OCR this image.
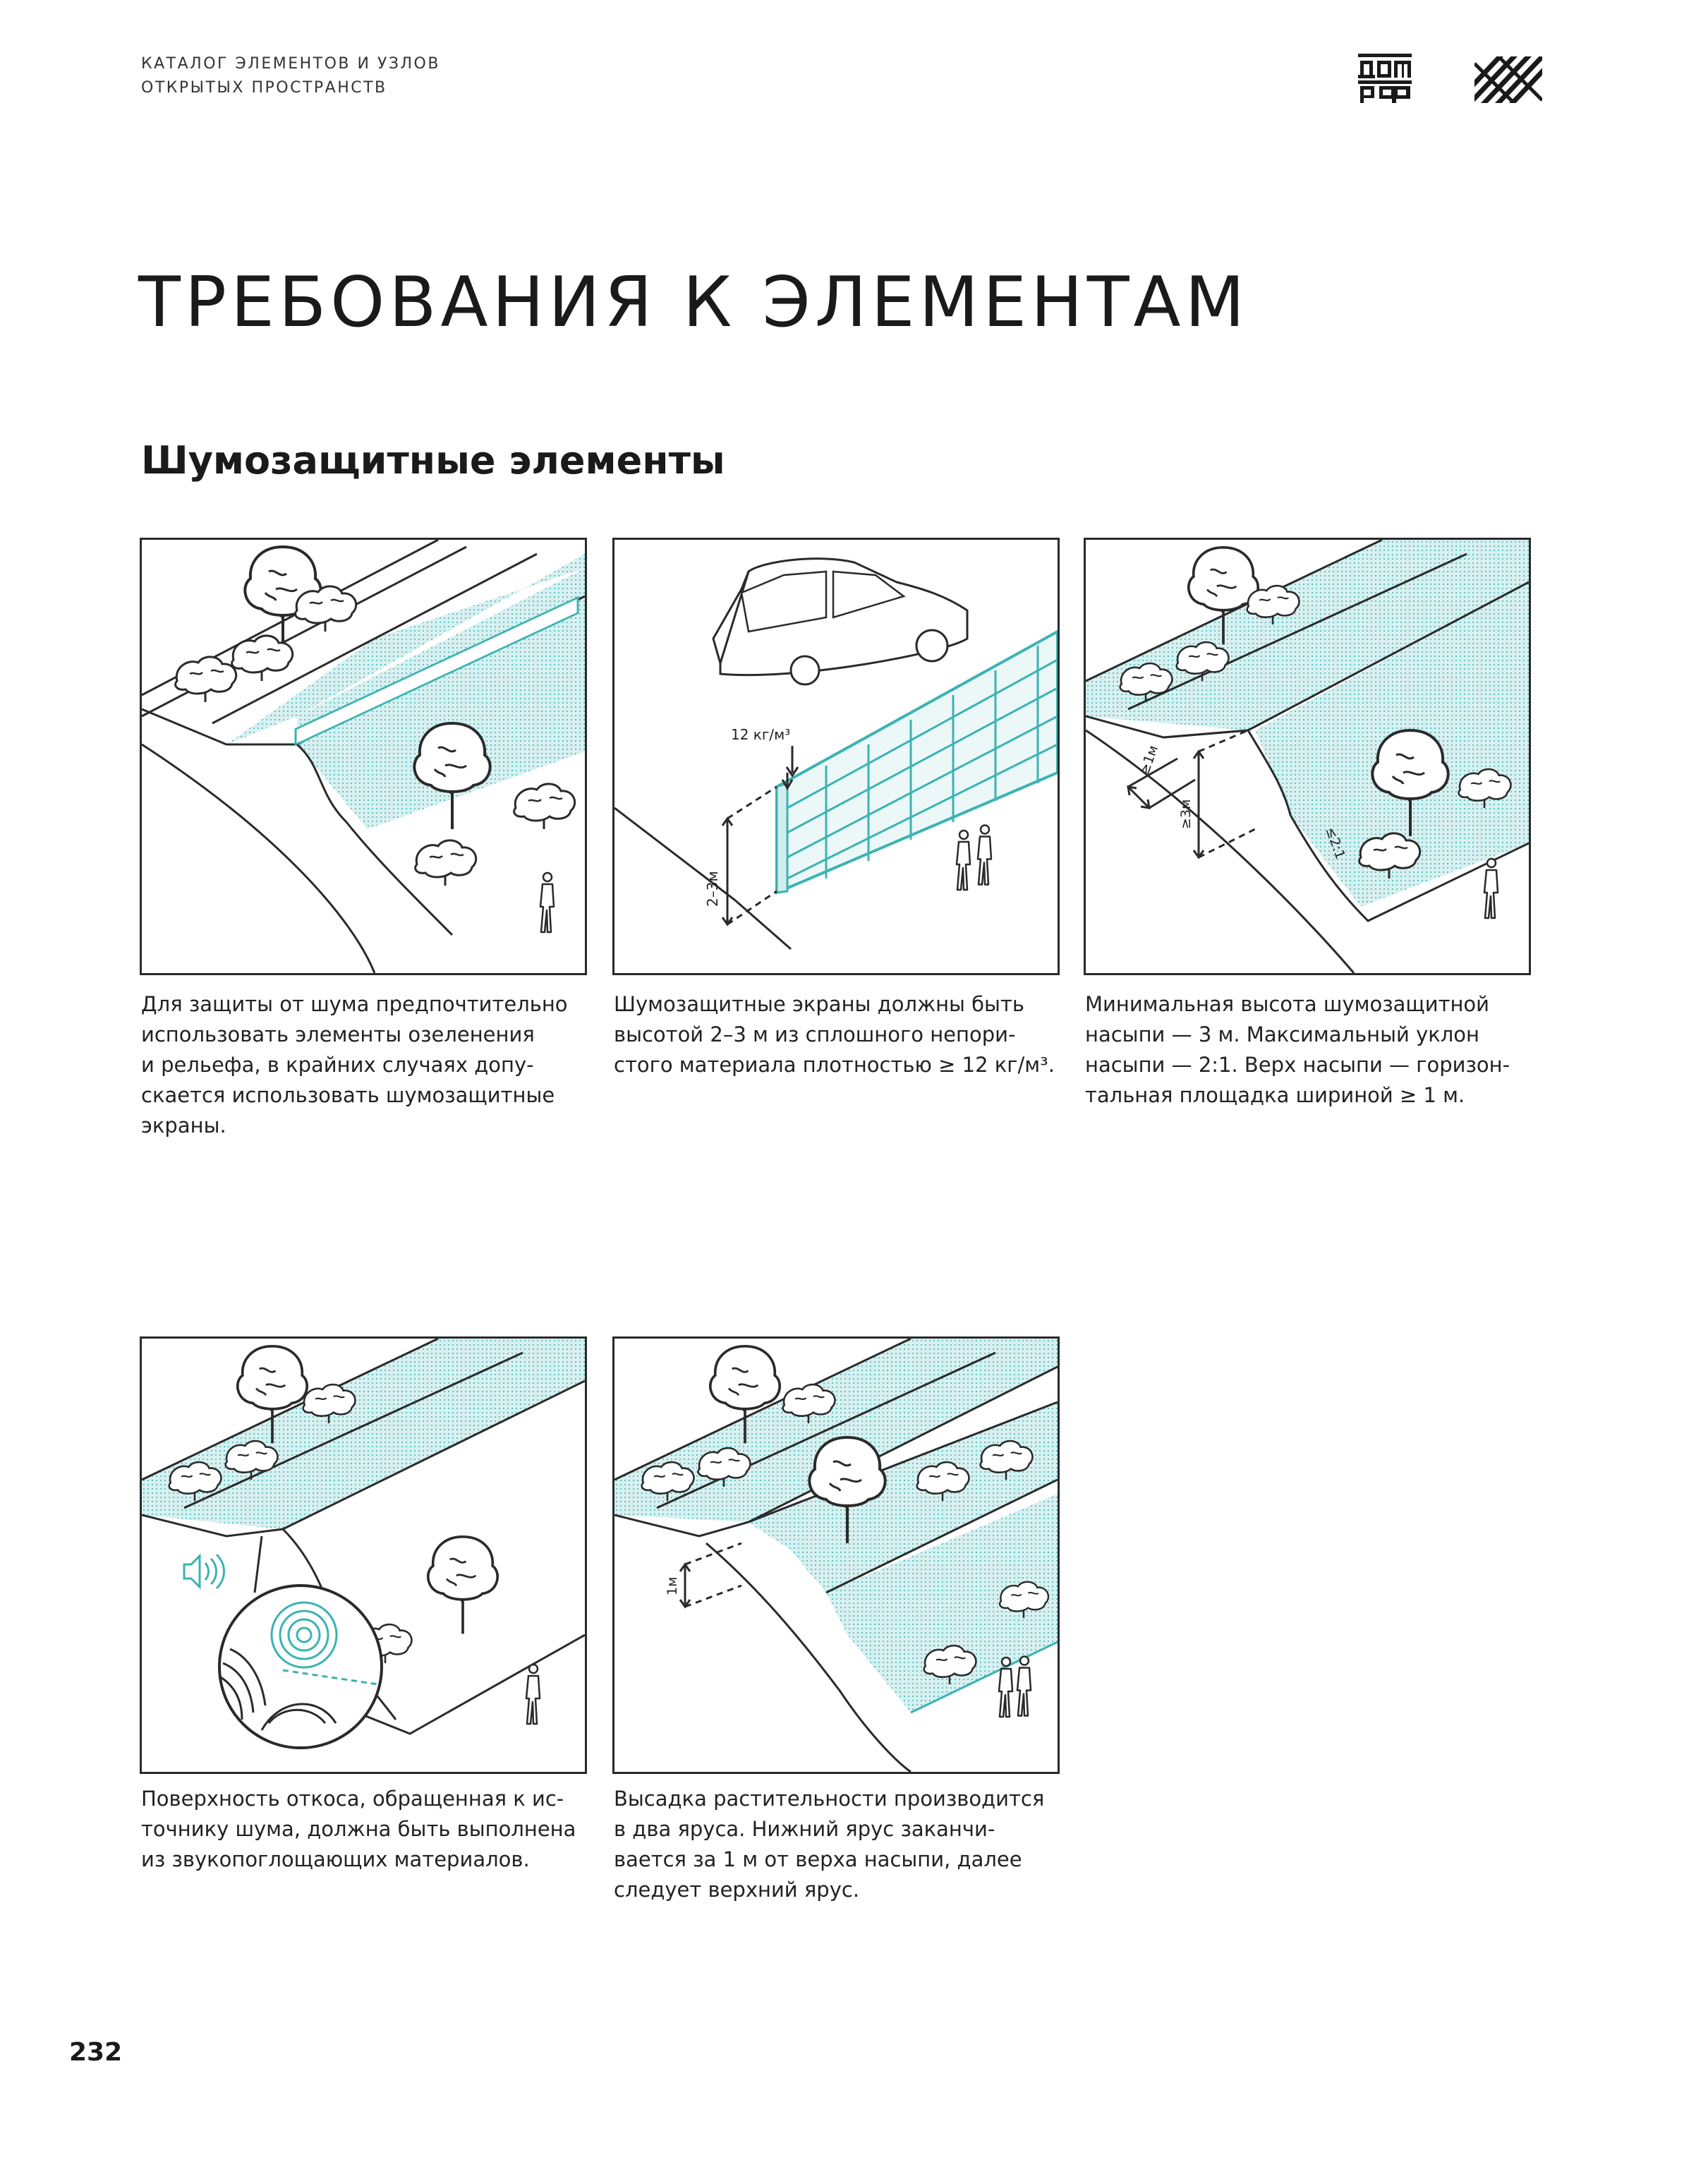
КАТАЛОГ ЭЛЕМЕНТОВ И УЗЛОВ
ОТКРЫТЫХ ПРОСТРАНСТВ
ТРЕБОВАНИЯ К ЭЛЕМЕНТАМ
Шумозащитные элементы

Для защиты от шума предпочтительно

использовать элементы озеленения

и рельефа, в крайних случаях допу-

скается использовать шумозащитные

экраны.

12 кг/м³
2–3м

Шумозащитные экраны должны быть

высотой 2–3 м из сплошного непори-

стого материала плотностью ≥ 12 кг/м³.

≥1м
≥3м
≤2:1

Минимальная высота шумозащитной

насыпи — 3 м. Максимальный уклон

насыпи — 2:1. Верх насыпи — горизон-

тальная площадка шириной ≥ 1 м.

Поверхность откоса, обращенная к ис-

точнику шума, должна быть выполнена

из звукопоглощающих материалов.

1м

Высадка растительности производится

в два яруса. Нижний ярус заканчи-

вается за 1 м от верха насыпи, далее

следует верхний ярус.

232
